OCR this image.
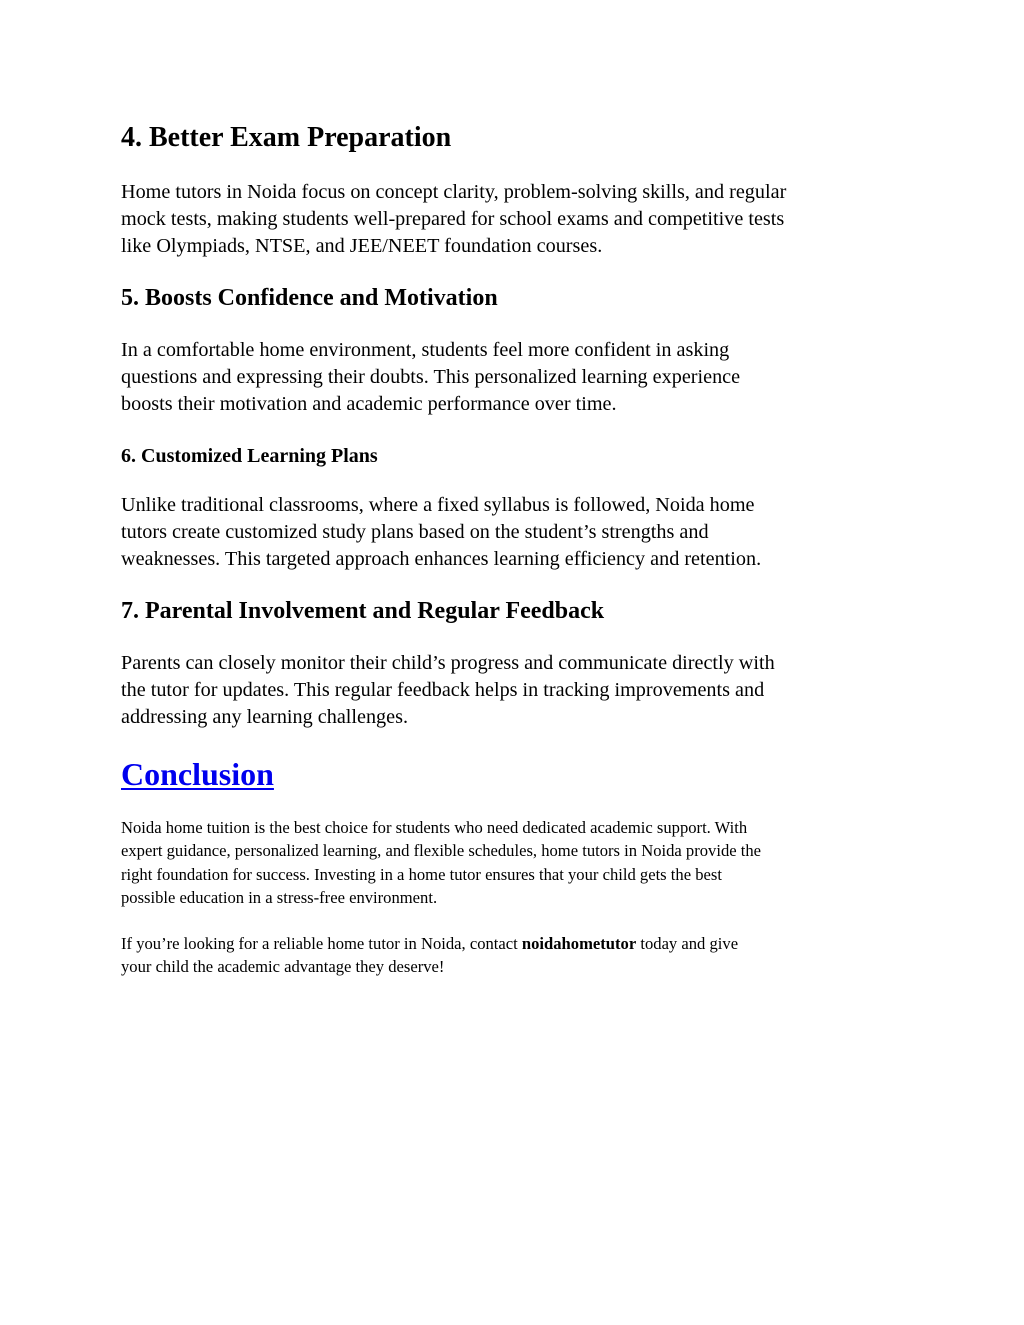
4. Better Exam Preparation

Home tutors in Noida focus on concept clarity, problem-solving skills, and regular
mock tests, making students well-prepared for school exams and competitive tests
like Olympiads, NTSE, and JEE/NEET foundation courses.

5. Boosts Confidence and Motivation

In a comfortable home environment, students feel more confident in asking
questions and expressing their doubts. This personalized learning experience
boosts their motivation and academic performance over time.

6. Customized Learning Plans

Unlike traditional classrooms, where a fixed syllabus is followed, Noida home
tutors create customized study plans based on the student’s strengths and
weaknesses. This targeted approach enhances learning efficiency and retention.

7. Parental Involvement and Regular Feedback

Parents can closely monitor their child’s progress and communicate directly with
the tutor for updates. This regular feedback helps in tracking improvements and
addressing any learning challenges.

Conclusion

Noida home tuition is the best choice for students who need dedicated academic support. With
expert guidance, personalized learning, and flexible schedules, home tutors in Noida provide the
right foundation for success. Investing in a home tutor ensures that your child gets the best
possible education in a stress-free environment.

If you’re looking for a reliable home tutor in Noida, contact noidahometutor today and give
your child the academic advantage they deserve!
